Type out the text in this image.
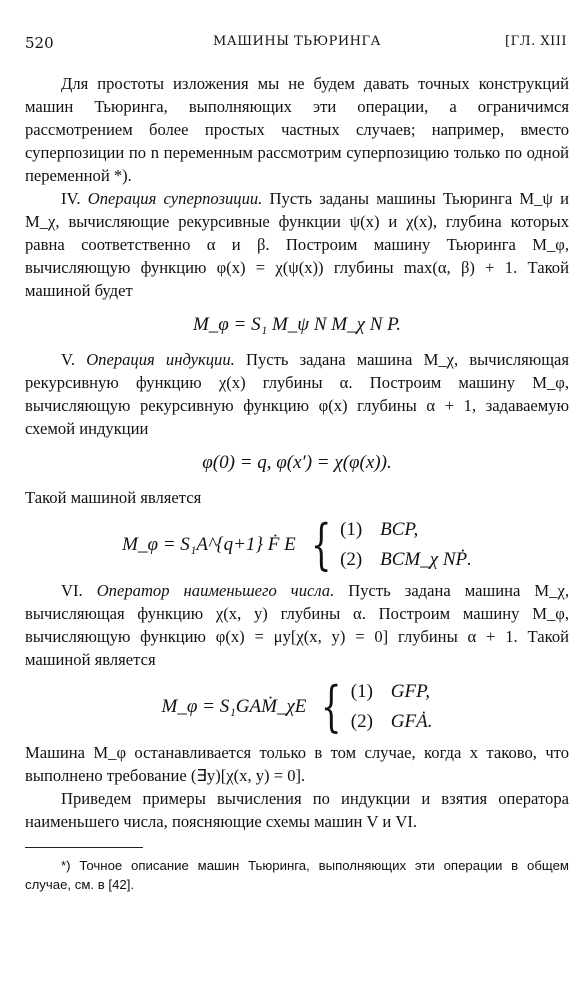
520	МАШИНЫ ТЬЮРИНГА	[ГЛ. XIII

Для простоты изложения мы не будем давать точных конструкций машин Тьюринга, выполняющих эти операции, а ограничимся рассмотрением более простых частных случаев; например, вместо суперпозиции по n переменным рассмотрим суперпозицию только по одной переменной *).

IV. Операция суперпозиции. Пусть заданы машины Тьюринга M_ψ и M_χ, вычисляющие рекурсивные функции ψ(x) и χ(x), глубина которых равна соответственно α и β. Построим машину Тьюринга M_φ, вычисляющую функцию φ(x) = χ(ψ(x)) глубины max(α, β) + 1. Такой машиной будет

M_φ = S₁ M_ψ N M_χ N P.

V. Операция индукции. Пусть задана машина M_χ, вычисляющая рекурсивную функцию χ(x) глубины α. Построим машину M_φ, вычисляющую рекурсивную функцию φ(x) глубины α + 1, задаваемую схемой индукции

φ(0) = q, φ(x′) = χ(φ(x)).

Такой машиной является

M_φ = S₁A^{q+1} Ḟ E { (1) BCP,
(2) BCM_χ NṖ.

VI. Оператор наименьшего числа. Пусть задана машина M_χ, вычисляющая функцию χ(x, y) глубины α. Построим машину M_φ, вычисляющую функцию φ(x) = μy[χ(x, y) = 0] глубины α + 1. Такой машиной является

M_φ = S₁GAṀ_χE { (1) GFP,
(2) GFȦ.

Машина M_φ останавливается только в том случае, когда x таково, что выполнено требование (∃y)[χ(x, y) = 0].

Приведем примеры вычисления по индукции и взятия оператора наименьшего числа, поясняющие схемы машин V и VI.

*) Точное описание машин Тьюринга, выполняющих эти операции в общем случае, см. в [42].
